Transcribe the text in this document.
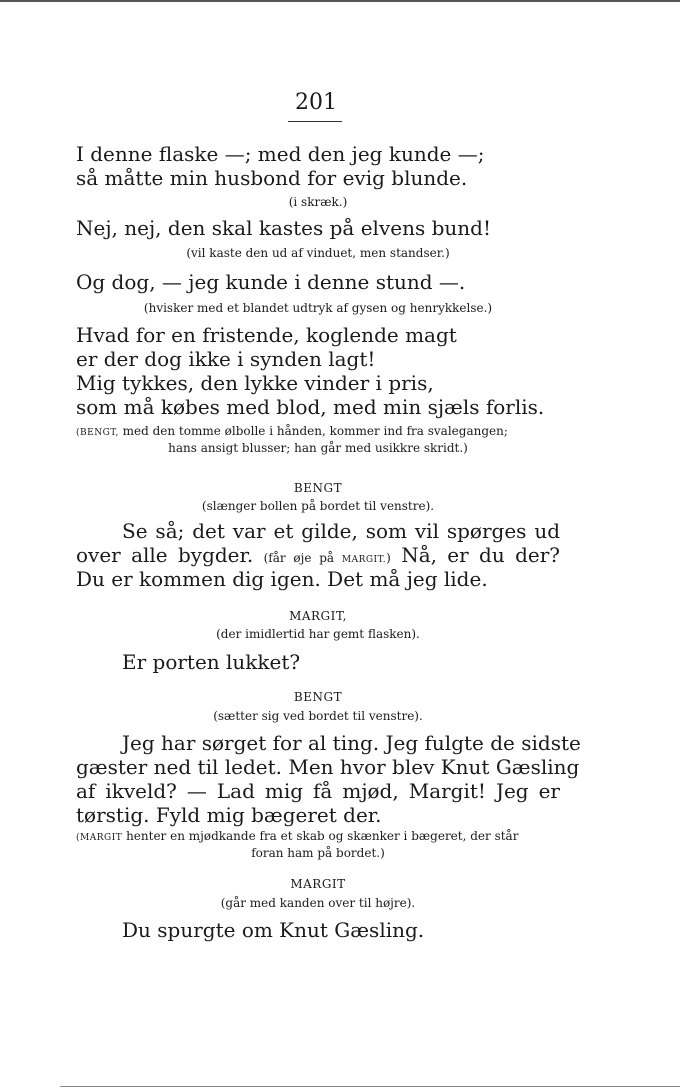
201
I denne flaske —; med den jeg kunde —;
så måtte min husbond for evig blunde.
(i skræk.)
Nej, nej, den skal kastes på elvens bund!
(vil kaste den ud af vinduet, men standser.)
Og dog, — jeg kunde i denne stund —.
(hvisker med et blandet udtryk af gysen og henrykkelse.)
Hvad for en fristende, koglende magt
er der dog ikke i synden lagt!
Mig tykkes, den lykke vinder i pris,
som må købes med blod, med min sjæls forlis.
(BENGT, med den tomme ølbolle i hånden, kommer ind fra svalegangen;
hans ansigt blusser; han går med usikkre skridt.)
BENGT
(slænger bollen på bordet til venstre).
Se så; det var et gilde, som vil spørges ud
over alle bygder. (får øje på MARGIT.) Nå, er du der?
Du er kommen dig igen. Det må jeg lide.
MARGIT,
(der imidlertid har gemt flasken).
Er porten lukket?
BENGT
(sætter sig ved bordet til venstre).
Jeg har sørget for al ting. Jeg fulgte de sidste
gæster ned til ledet. Men hvor blev Knut Gæsling
af ikveld? — Lad mig få mjød, Margit! Jeg er
tørstig. Fyld mig bægeret der.
(MARGIT henter en mjødkande fra et skab og skænker i bægeret, der står
foran ham på bordet.)
MARGIT
(går med kanden over til højre).
Du spurgte om Knut Gæsling.
